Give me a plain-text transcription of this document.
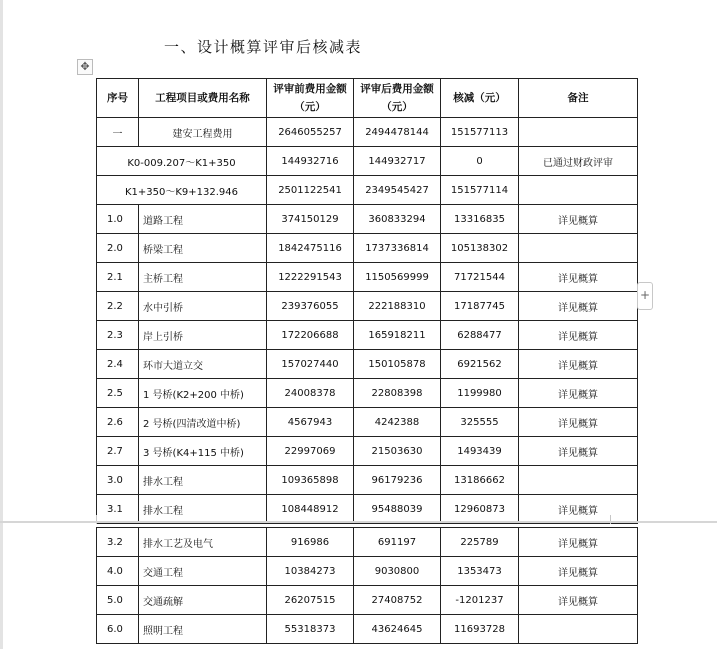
一、设计概算评审后核减表
✥
序号	工程项目或费用名称	评审前费用金额（元）	评审后费用金额（元）	核减（元）	备注
一	建安工程费用	2646055257	2494478144	151577113	
K0-009.207～K1+350		144932716	144932717	0	已通过财政评审
K1+350～K9+132.946		2501122541	2349545427	151577114	
1.0	道路工程	374150129	360833294	13316835	详见概算
2.0	桥梁工程	1842475116	1737336814	105138302	
2.1	主桥工程	1222291543	1150569999	71721544	详见概算
2.2	水中引桥	239376055	222188310	17187745	详见概算
2.3	岸上引桥	172206688	165918211	6288477	详见概算
2.4	环市大道立交	157027440	150105878	6921562	详见概算
2.5	1 号桥(K2+200 中桥)	24008378	22808398	1199980	详见概算
2.6	2 号桥(四清改道中桥)	4567943	4242388	325555	详见概算
2.7	3 号桥(K4+115 中桥)	22997069	21503630	1493439	详见概算
3.0	排水工程	109365898	96179236	13186662	
3.1	排水工程	108448912	95488039	12960873	详见概算
+
3.2	排水工艺及电气	916986	691197	225789	详见概算
4.0	交通工程	10384273	9030800	1353473	详见概算
5.0	交通疏解	26207515	27408752	-1201237	详见概算
6.0	照明工程	55318373	43624645	11693728	
